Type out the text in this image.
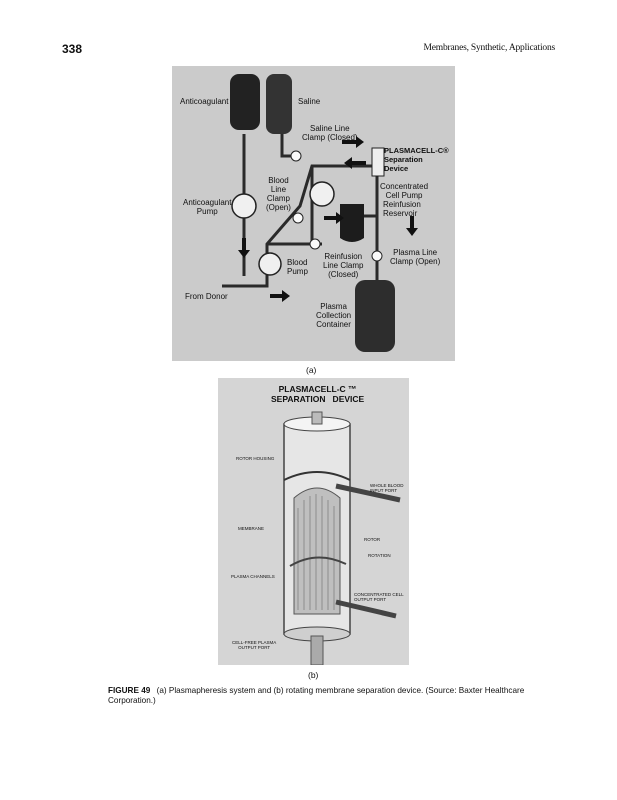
338	Membranes, Synthetic, Applications
Anticoagulant	Saline
Saline Line
Clamp (Closed)
PLASMACELL-C®
Separation
Device
Blood
Line
Clamp
(Open)
Concentrated
Cell Pump
Anticoagulant
Pump
Reinfusion
Reservoir
Plasma Line
Clamp (Open)
Blood
Pump
Reinfusion
Line Clamp
(Closed)
From Donor
Plasma
Collection
Container
(a)
PLASMACELL-C ™
SEPARATION   DEVICE
ROTOR HOUSING
WHOLE BLOOD
INPUT PORT
MEMBRANE
ROTOR
ROTATION
PLASMA CHANNELS
CONCENTRATED CELL
OUTPUT PORT
CELL-FREE PLASMA
OUTPUT PORT
(b)
FIGURE 49 (a) Plasmapheresis system and (b) rotating membrane separation device. (Source: Baxter Healthcare Corporation.)
